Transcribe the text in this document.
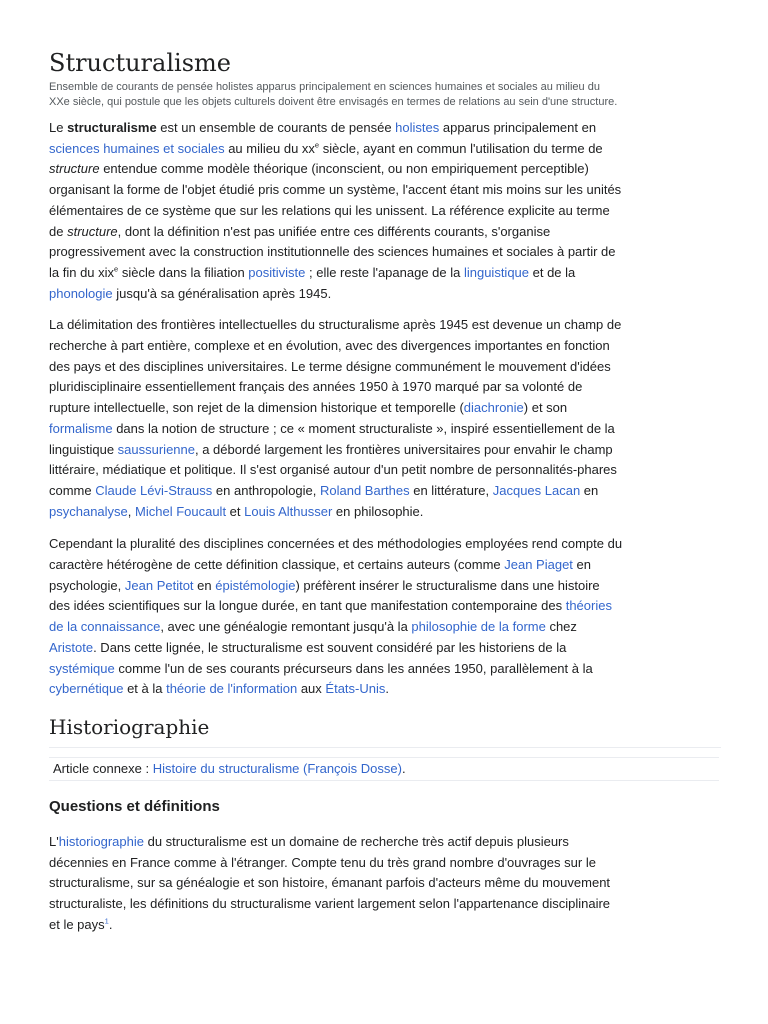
Structuralisme
Ensemble de courants de pensée holistes apparus principalement en sciences humaines et sociales au milieu du XXe siècle, qui postule que les objets culturels doivent être envisagés en termes de relations au sein d'une structure.

Le structuralisme est un ensemble de courants de pensée holistes apparus principalement en sciences humaines et sociales au milieu du $xx^e$ siècle, ayant en commun l'utilisation du terme de structure entendue comme modèle théorique (inconscient, ou non empiriquement perceptible) organisant la forme de l'objet étudié pris comme un système, l'accent étant mis moins sur les unités élémentaires de ce système que sur les relations qui les unissent. La référence explicite au terme de structure, dont la définition n'est pas unifiée entre ces différents courants, s'organise progressivement avec la construction institutionnelle des sciences humaines et sociales à partir de la fin du xix$^e$ siècle dans la filiation positiviste ; elle reste l'apanage de la linguistique et de la phonologie jusqu'à sa généralisation après 1945.

La délimitation des frontières intellectuelles du structuralisme après 1945 est devenue un champ de recherche à part entière, complexe et en évolution, avec des divergences importantes en fonction des pays et des disciplines universitaires. Le terme désigne communément le mouvement d'idées pluridisciplinaire essentiellement français des années 1950 à 1970 marqué par sa volonté de rupture intellectuelle, son rejet de la dimension historique et temporelle (diachronie) et son formalisme dans la notion de structure ; ce « moment structuraliste », inspiré essentiellement de la linguistique saussurienne, a débordé largement les frontières universitaires pour envahir le champ littéraire, médiatique et politique. Il s'est organisé autour d'un petit nombre de personnalités-phares comme Claude Lévi-Strauss en anthropologie, Roland Barthes en littérature, Jacques Lacan en psychanalyse, Michel Foucault et Louis Althusser en philosophie.

Cependant la pluralité des disciplines concernées et des méthodologies employées rend compte du caractère hétérogène de cette définition classique, et certains auteurs (comme Jean Piaget en psychologie, Jean Petitot en épistémologie) préfèrent insérer le structuralisme dans une histoire des idées scientifiques sur la longue durée, en tant que manifestation contemporaine des théories de la connaissance, avec une généalogie remontant jusqu'à la philosophie de la forme chez Aristote. Dans cette lignée, le structuralisme est souvent considéré par les historiens de la systémique comme l'un de ses courants précurseurs dans les années 1950, parallèlement à la cybernétique et à la théorie de l'information aux États-Unis.

Historiographie
Article connexe : Histoire du structuralisme (François Dosse).
Questions et définitions

L'historiographie du structuralisme est un domaine de recherche très actif depuis plusieurs décennies en France comme à l'étranger. Compte tenu du très grand nombre d'ouvrages sur le structuralisme, sur sa généalogie et son histoire, émanant parfois d'acteurs même du mouvement structuraliste, les définitions du structuralisme varient largement selon l'appartenance disciplinaire et le pays$^1$.
